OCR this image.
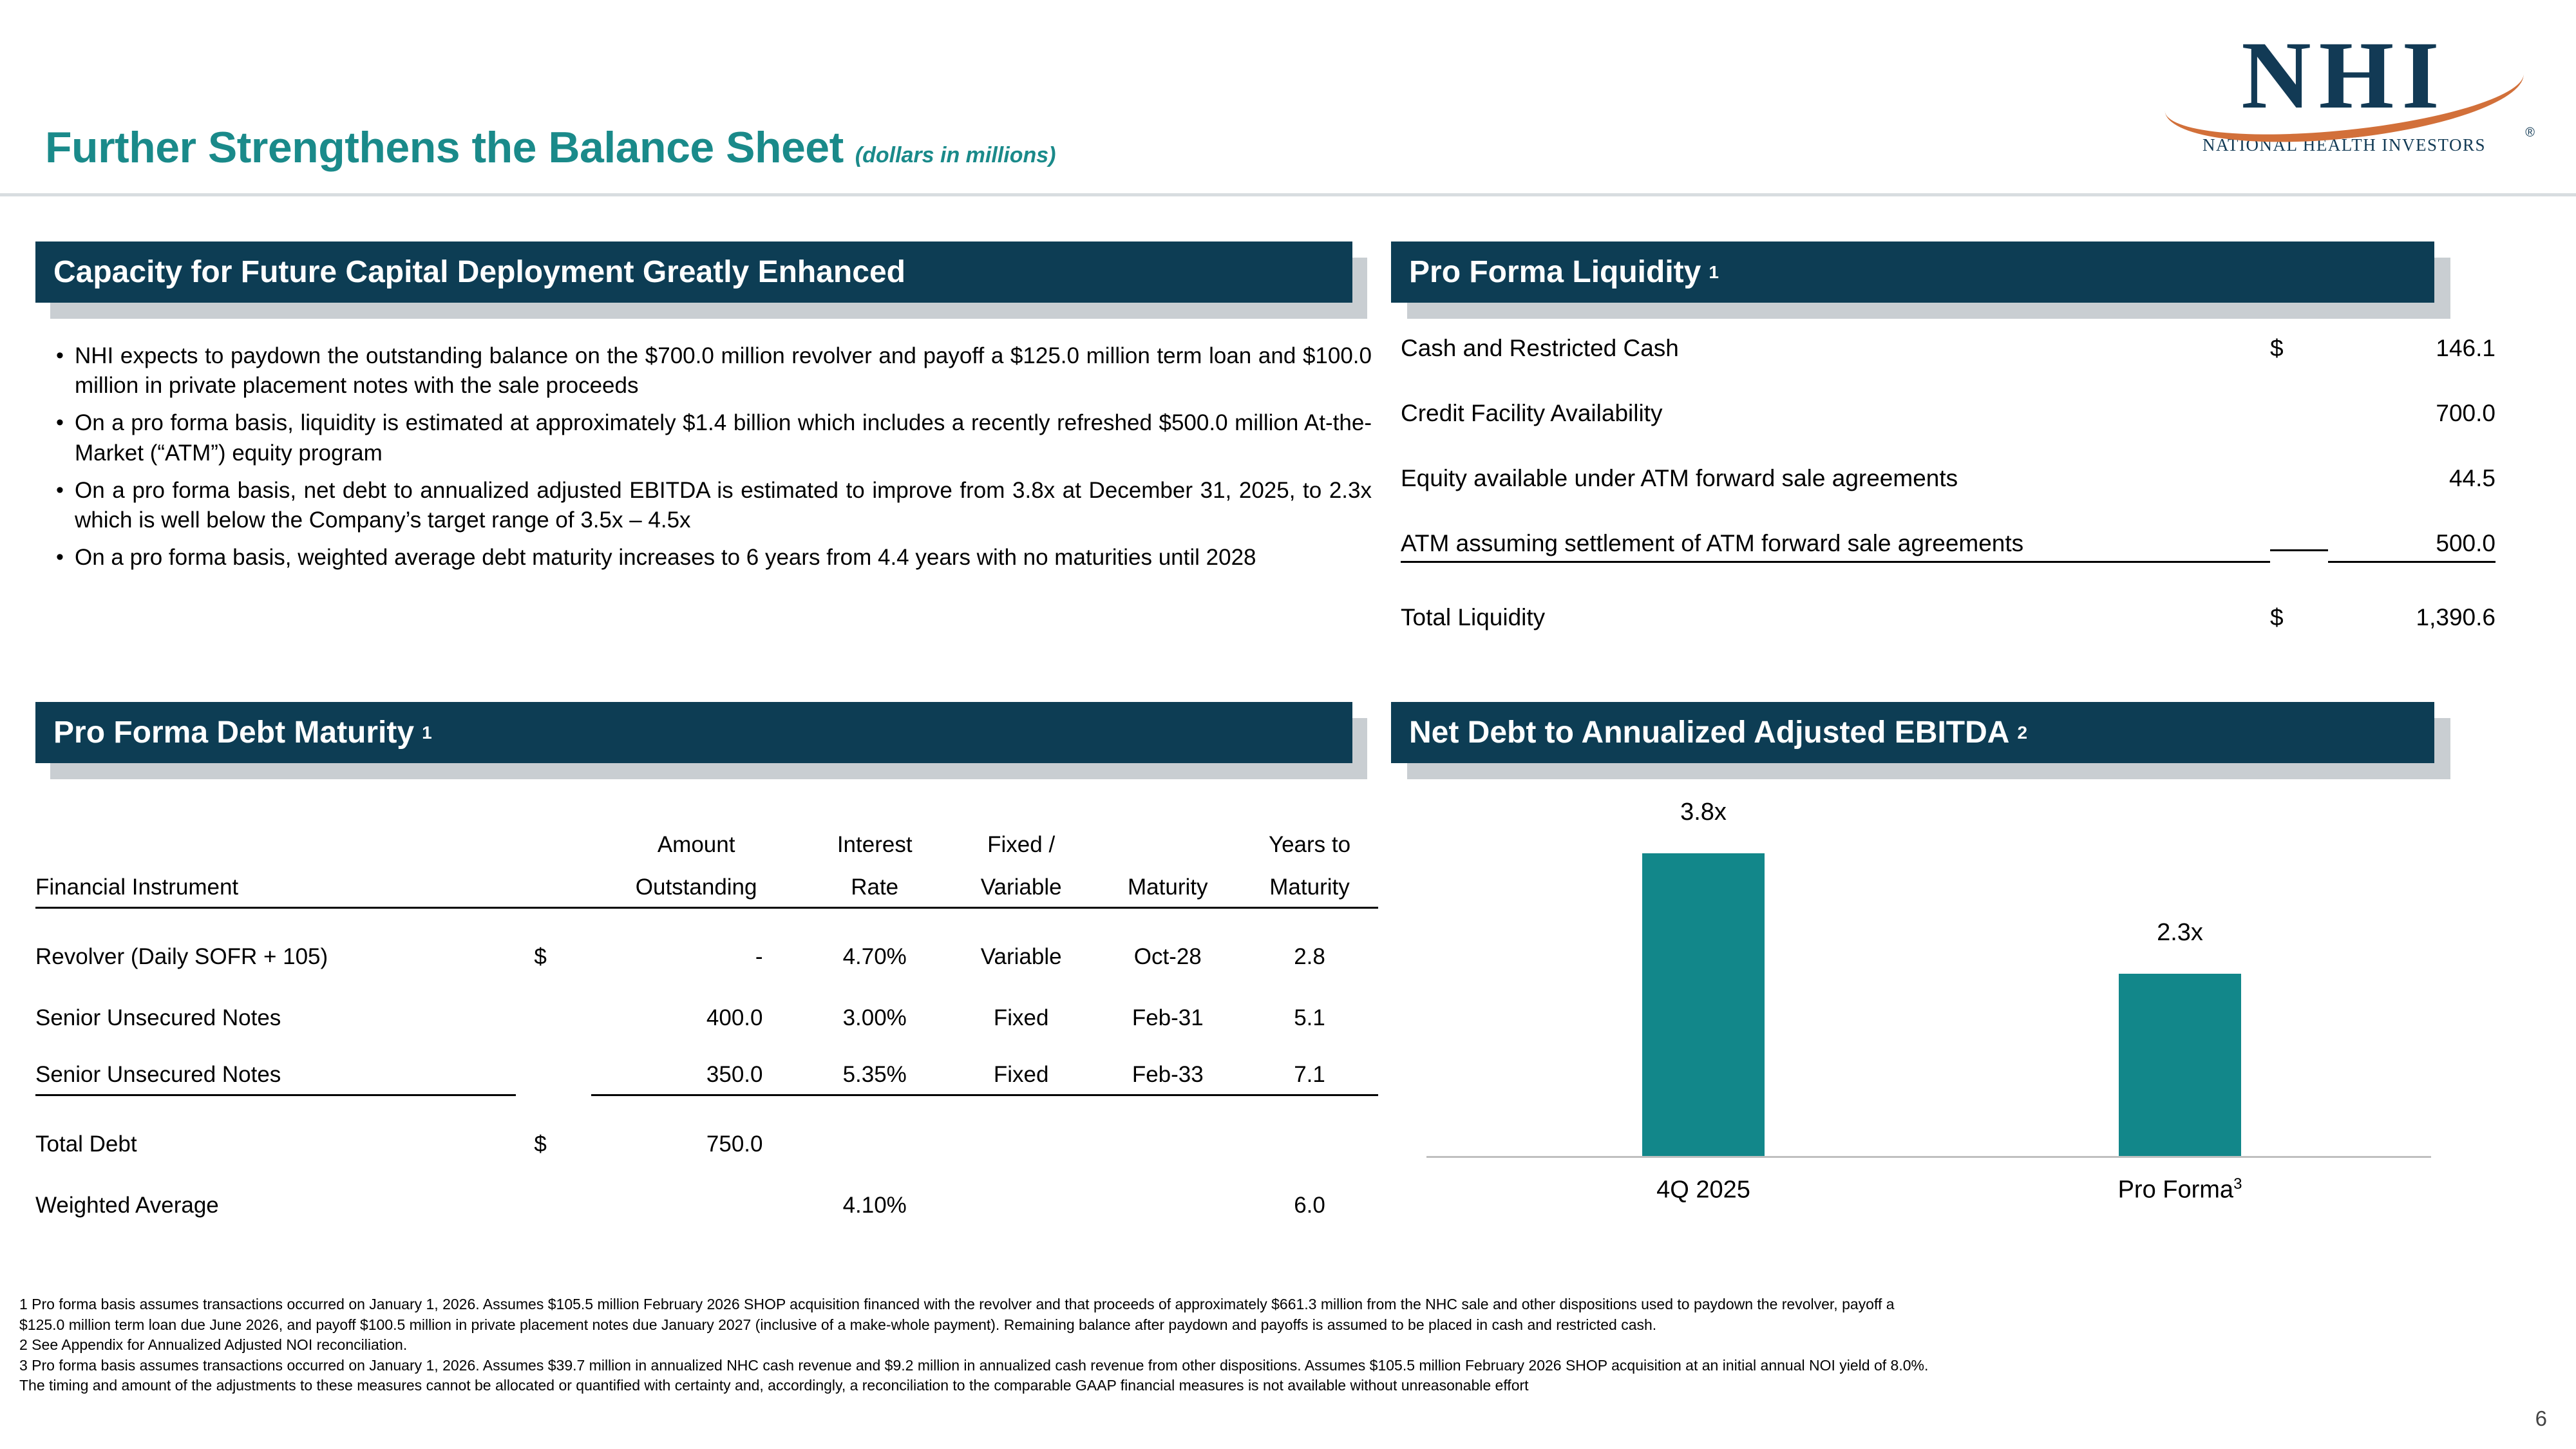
Further Strengthens the Balance Sheet (dollars in millions)
NHI
NATIONAL HEALTH INVESTORS
®
Capacity for Future Capital Deployment Greatly Enhanced
• NHI expects to paydown the outstanding balance on the $700.0 million revolver and payoff a $125.0 million term loan and $100.0 million in private placement notes with the sale proceeds
• On a pro forma basis, liquidity is estimated at approximately $1.4 billion which includes a recently refreshed $500.0 million At-the-Market (“ATM”) equity program
• On a pro forma basis, net debt to annualized adjusted EBITDA is estimated to improve from 3.8x at December 31, 2025, to 2.3x which is well below the Company’s target range of 3.5x – 4.5x
• On a pro forma basis, weighted average debt maturity increases to 6 years from 4.4 years with no maturities until 2028
Pro Forma Liquidity 1
Cash and Restricted Cash	$	146.1
Credit Facility Availability	700.0
Equity available under ATM forward sale agreements	44.5
ATM assuming settlement of ATM forward sale agreements	500.0
Total Liquidity	$	1,390.6
Pro Forma Debt Maturity 1
		Amount	Interest	Fixed /		Years to
Financial Instrument		Outstanding	Rate	Variable	Maturity	Maturity
Revolver (Daily SOFR + 105)	$	-	4.70%	Variable	Oct-28	2.8
Senior Unsecured Notes		400.0	3.00%	Fixed	Feb-31	5.1
Senior Unsecured Notes		350.0	5.35%	Fixed	Feb-33	7.1
Total Debt	$	750.0				
Weighted Average			4.10%			6.0
Net Debt to Annualized Adjusted EBITDA 2
3.8x
4Q 2025
2.3x
Pro Forma$^3$
1 Pro forma basis assumes transactions occurred on January 1, 2026. Assumes $105.5 million February 2026 SHOP acquisition financed with the revolver and that proceeds of approximately $661.3 million from the NHC sale and other dispositions used to paydown the revolver, payoff a
$125.0 million term loan due June 2026, and payoff $100.5 million in private placement notes due January 2027 (inclusive of a make-whole payment). Remaining balance after paydown and payoffs is assumed to be placed in cash and restricted cash.
2 See Appendix for Annualized Adjusted NOI reconciliation.
3 Pro forma basis assumes transactions occurred on January 1, 2026. Assumes $39.7 million in annualized NHC cash revenue and $9.2 million in annualized cash revenue from other dispositions. Assumes $105.5 million February 2026 SHOP acquisition at an initial annual NOI yield of 8.0%.
The timing and amount of the adjustments to these measures cannot be allocated or quantified with certainty and, accordingly, a reconciliation to the comparable GAAP financial measures is not available without unreasonable effort
6
